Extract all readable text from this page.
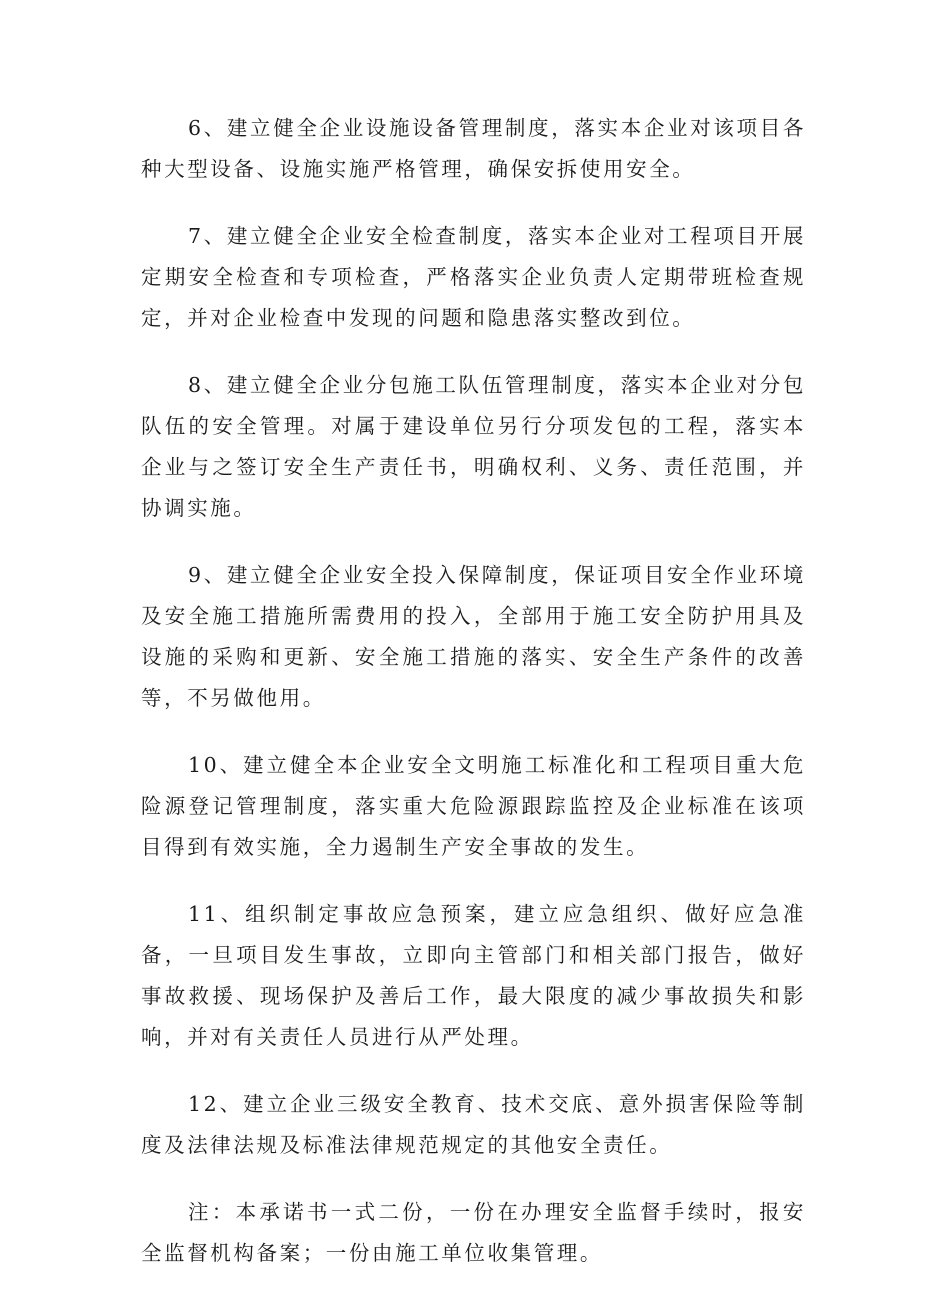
6、建立健全企业设施设备管理制度，落实本企业对该项目各种大型设备、设施实施严格管理，确保安拆使用安全。

7、建立健全企业安全检查制度，落实本企业对工程项目开展定期安全检查和专项检查，严格落实企业负责人定期带班检查规定，并对企业检查中发现的问题和隐患落实整改到位。

8、建立健全企业分包施工队伍管理制度，落实本企业对分包队伍的安全管理。对属于建设单位另行分项发包的工程，落实本企业与之签订安全生产责任书，明确权利、义务、责任范围，并协调实施。

9、建立健全企业安全投入保障制度，保证项目安全作业环境及安全施工措施所需费用的投入，全部用于施工安全防护用具及设施的采购和更新、安全施工措施的落实、安全生产条件的改善等，不另做他用。

10、建立健全本企业安全文明施工标准化和工程项目重大危险源登记管理制度，落实重大危险源跟踪监控及企业标准在该项目得到有效实施，全力遏制生产安全事故的发生。

11、组织制定事故应急预案，建立应急组织、做好应急准备，一旦项目发生事故，立即向主管部门和相关部门报告，做好事故救援、现场保护及善后工作，最大限度的减少事故损失和影响，并对有关责任人员进行从严处理。

12、建立企业三级安全教育、技术交底、意外损害保险等制度及法律法规及标准法律规范规定的其他安全责任。

注：本承诺书一式二份，一份在办理安全监督手续时，报安全监督机构备案；一份由施工单位收集管理。
